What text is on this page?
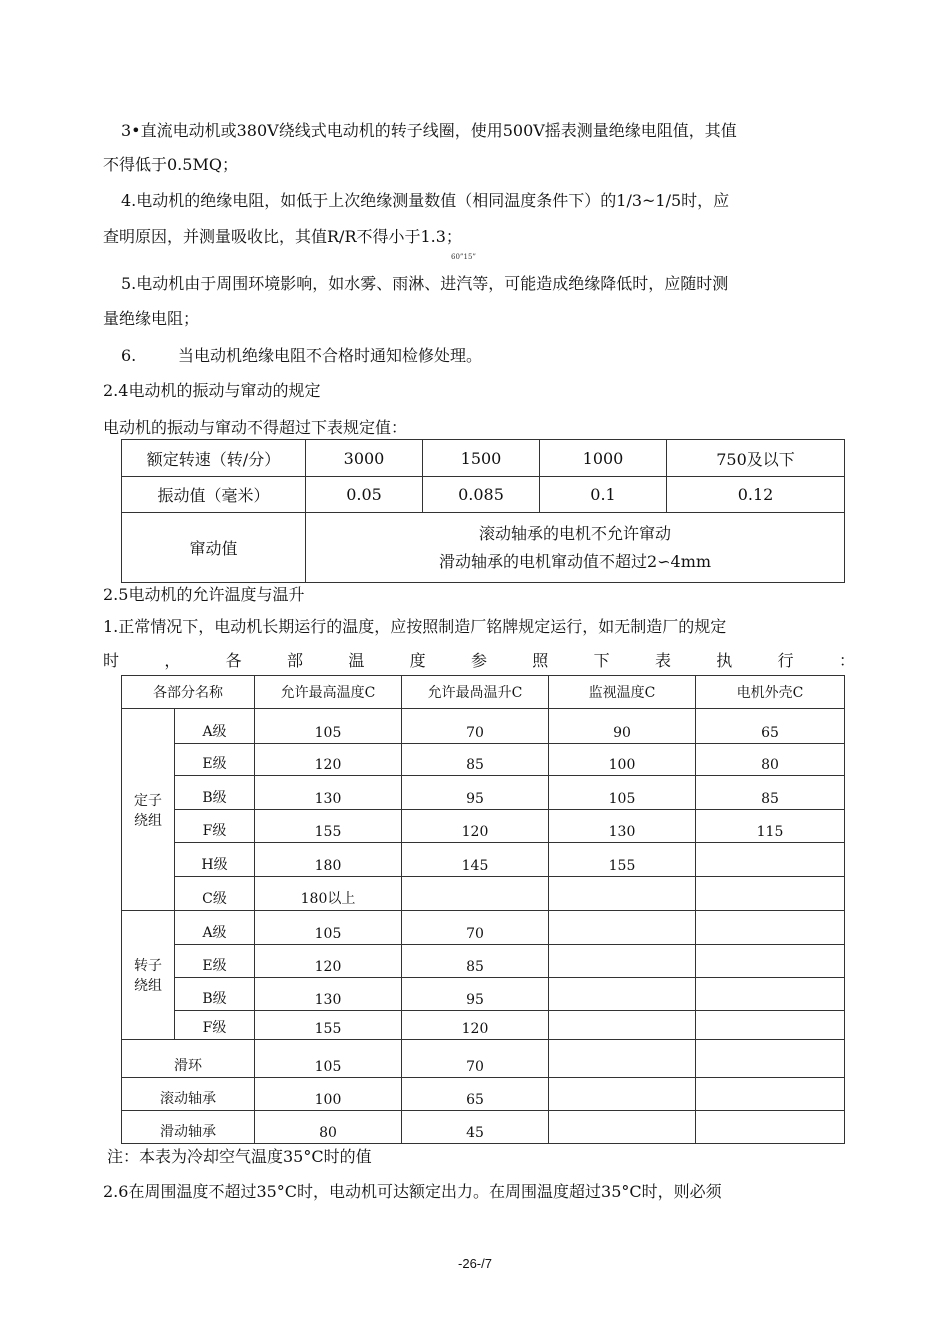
3•直流电动机或380V绕线式电动机的转子线圈，使用500V摇表测量绝缘电阻值，其值
不得低于0.5MQ；
4.电动机的绝缘电阻，如低于上次绝缘测量数值（相同温度条件下）的1/3~1/5时，应
查明原因，并测量吸收比，其值R/R不得小于1.3；
60”15”
5.电动机由于周围环境影响，如水雾、雨淋、进汽等，可能造成绝缘降低时，应随时测
量绝缘电阻；
6.	当电动机绝缘电阻不合格时通知检修处理。
2.4电动机的振动与窜动的规定
电动机的振动与窜动不得超过下表规定值：
额定转速（转/分）	3000	1500	1000	750及以下
振动值（毫米）	0.05	0.085	0.1	0.12
窜动值	滚动轴承的电机不允许窜动
滑动轴承的电机窜动值不超过2∽4mm			
2.5电动机的允许温度与温升
1.正常情况下，电动机长期运行的温度，应按照制造厂铭牌规定运行，如无制造厂的规定
时	，	各	部	温	度	参	照	下	表	执	行	：
各部分名称		允许最高温度C	允许最咼温升C	监视温度C	电机外壳C
定子
绕组	A级	105	70	90	65
	E级	120	85	100	80
	B级	130	95	105	85
	F级	155	120	130	115
	H级	180	145	155	
	C级	180以上			
转子
绕组	A级	105	70		
	E级	120	85		
	B级	130	95		
	F级	155	120		
滑环		105	70		
滚动轴承		100	65		
滑动轴承		80	45		
注：本表为冷却空气温度35°C时的值
2.6在周围温度不超过35°C时，电动机可达额定出力。在周围温度超过35°C时，则必须
-26-/7
